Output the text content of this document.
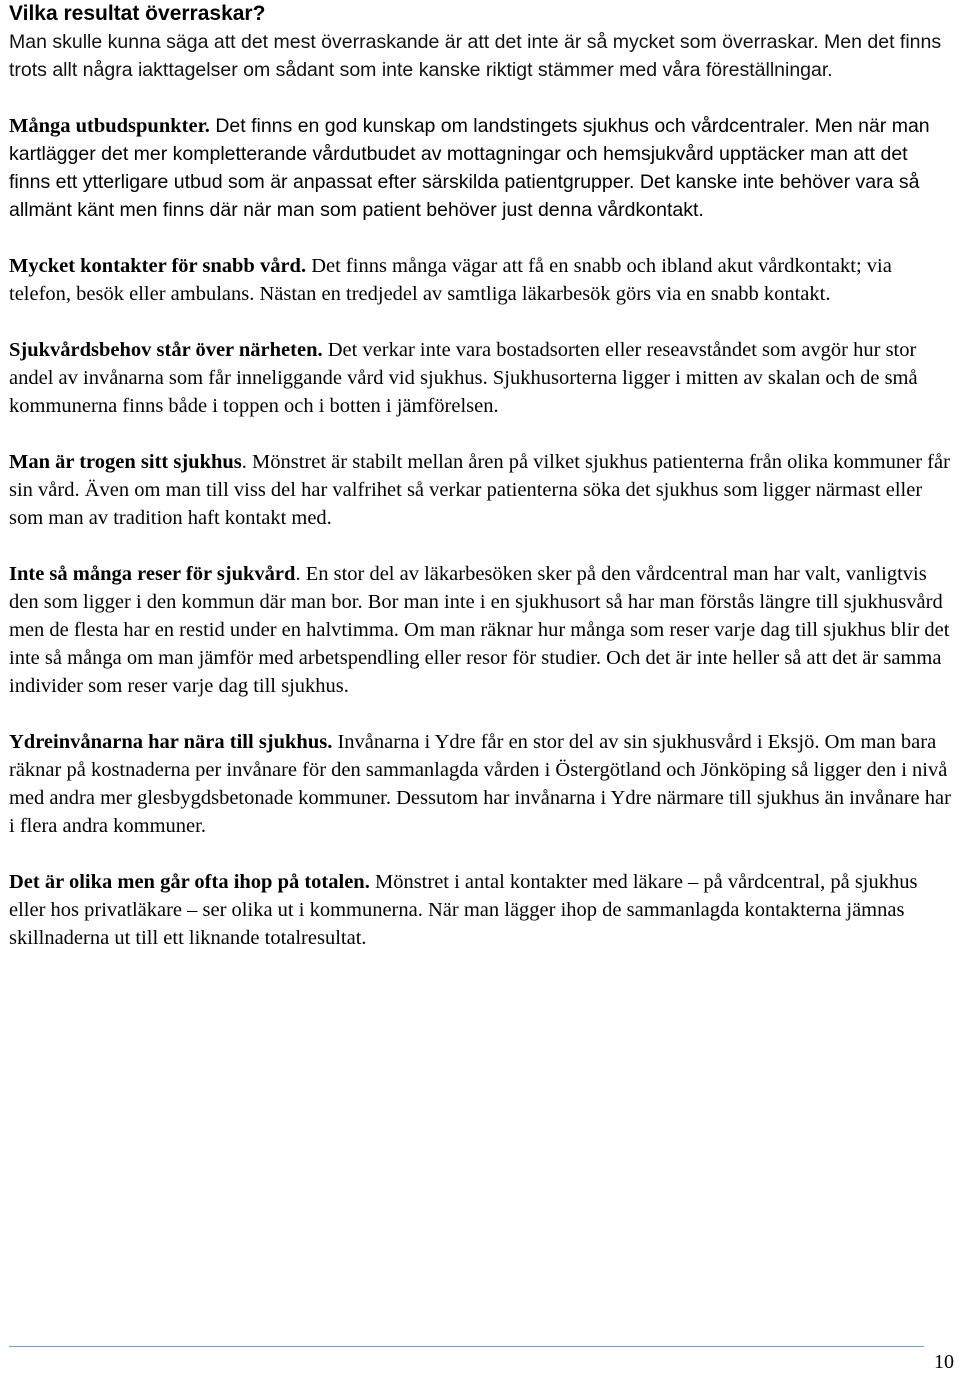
Vilka resultat överraskar?

Man skulle kunna säga att det mest överraskande är att det inte är så mycket som överraskar. Men det finns trots allt några iakttagelser om sådant som inte kanske riktigt stämmer med våra föreställningar.

Många utbudspunkter. Det finns en god kunskap om landstingets sjukhus och vårdcentraler. Men när man kartlägger det mer kompletterande vårdutbudet av mottagningar och hemsjukvård upptäcker man att det finns ett ytterligare utbud som är anpassat efter särskilda patientgrupper. Det kanske inte behöver vara så allmänt känt men finns där när man som patient behöver just denna vårdkontakt.

Mycket kontakter för snabb vård. Det finns många vägar att få en snabb och ibland akut vårdkontakt; via telefon, besök eller ambulans. Nästan en tredjedel av samtliga läkarbesök görs via en snabb kontakt.

Sjukvårdsbehov står över närheten. Det verkar inte vara bostadsorten eller reseavståndet som avgör hur stor andel av invånarna som får inneliggande vård vid sjukhus. Sjukhusorterna ligger i mitten av skalan och de små kommunerna finns både i toppen och i botten i jämförelsen.

Man är trogen sitt sjukhus. Mönstret är stabilt mellan åren på vilket sjukhus patienterna från olika kommuner får sin vård. Även om man till viss del har valfrihet så verkar patienterna söka det sjukhus som ligger närmast eller som man av tradition haft kontakt med.

Inte så många reser för sjukvård. En stor del av läkarbesöken sker på den vårdcentral man har valt, vanligtvis den som ligger i den kommun där man bor. Bor man inte i en sjukhusort så har man förstås längre till sjukhusvård men de flesta har en restid under en halvtimma. Om man räknar hur många som reser varje dag till sjukhus blir det inte så många om man jämför med arbetspendling eller resor för studier. Och det är inte heller så att det är samma individer som reser varje dag till sjukhus.

Ydreinvånarna har nära till sjukhus. Invånarna i Ydre får en stor del av sin sjukhusvård i Eksjö. Om man bara räknar på kostnaderna per invånare för den sammanlagda vården i Östergötland och Jönköping så ligger den i nivå med andra mer glesbygdsbetonade kommuner. Dessutom har invånarna i Ydre närmare till sjukhus än invånare har i flera andra kommuner.

Det är olika men går ofta ihop på totalen. Mönstret i antal kontakter med läkare – på vårdcentral, på sjukhus eller hos privatläkare – ser olika ut i kommunerna. När man lägger ihop de sammanlagda kontakterna jämnas skillnaderna ut till ett liknande totalresultat.

10
